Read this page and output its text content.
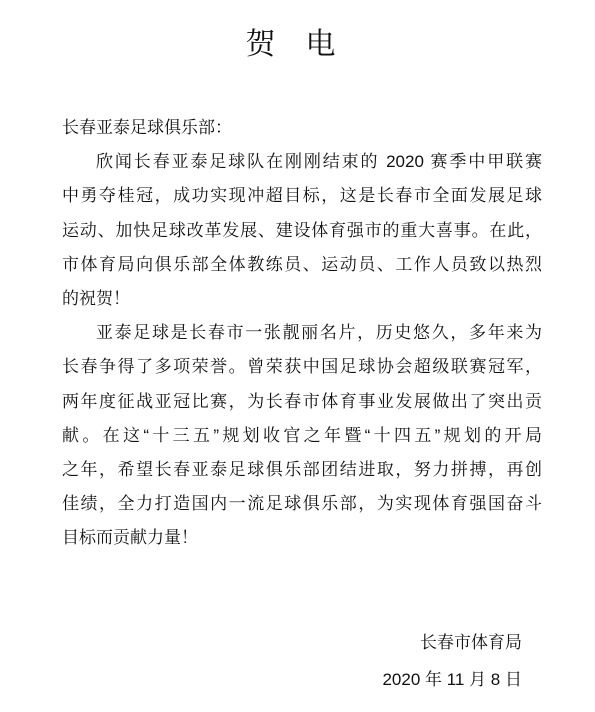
贺　电
长春亚泰足球俱乐部：
欣闻长春亚泰足球队在刚刚结束的 2020 赛季中甲联赛
中勇夺桂冠，成功实现冲超目标，这是长春市全面发展足球
运动、加快足球改革发展、建设体育强市的重大喜事。在此，
市体育局向俱乐部全体教练员、运动员、工作人员致以热烈
的祝贺！
亚泰足球是长春市一张靓丽名片，历史悠久，多年来为
长春争得了多项荣誉。曾荣获中国足球协会超级联赛冠军，
两年度征战亚冠比赛，为长春市体育事业发展做出了突出贡
献。在这“十三五”规划收官之年暨“十四五”规划的开局
之年，希望长春亚泰足球俱乐部团结进取，努力拼搏，再创
佳绩，全力打造国内一流足球俱乐部，为实现体育强国奋斗
目标而贡献力量！
长春市体育局
2020 年 11 月 8 日
